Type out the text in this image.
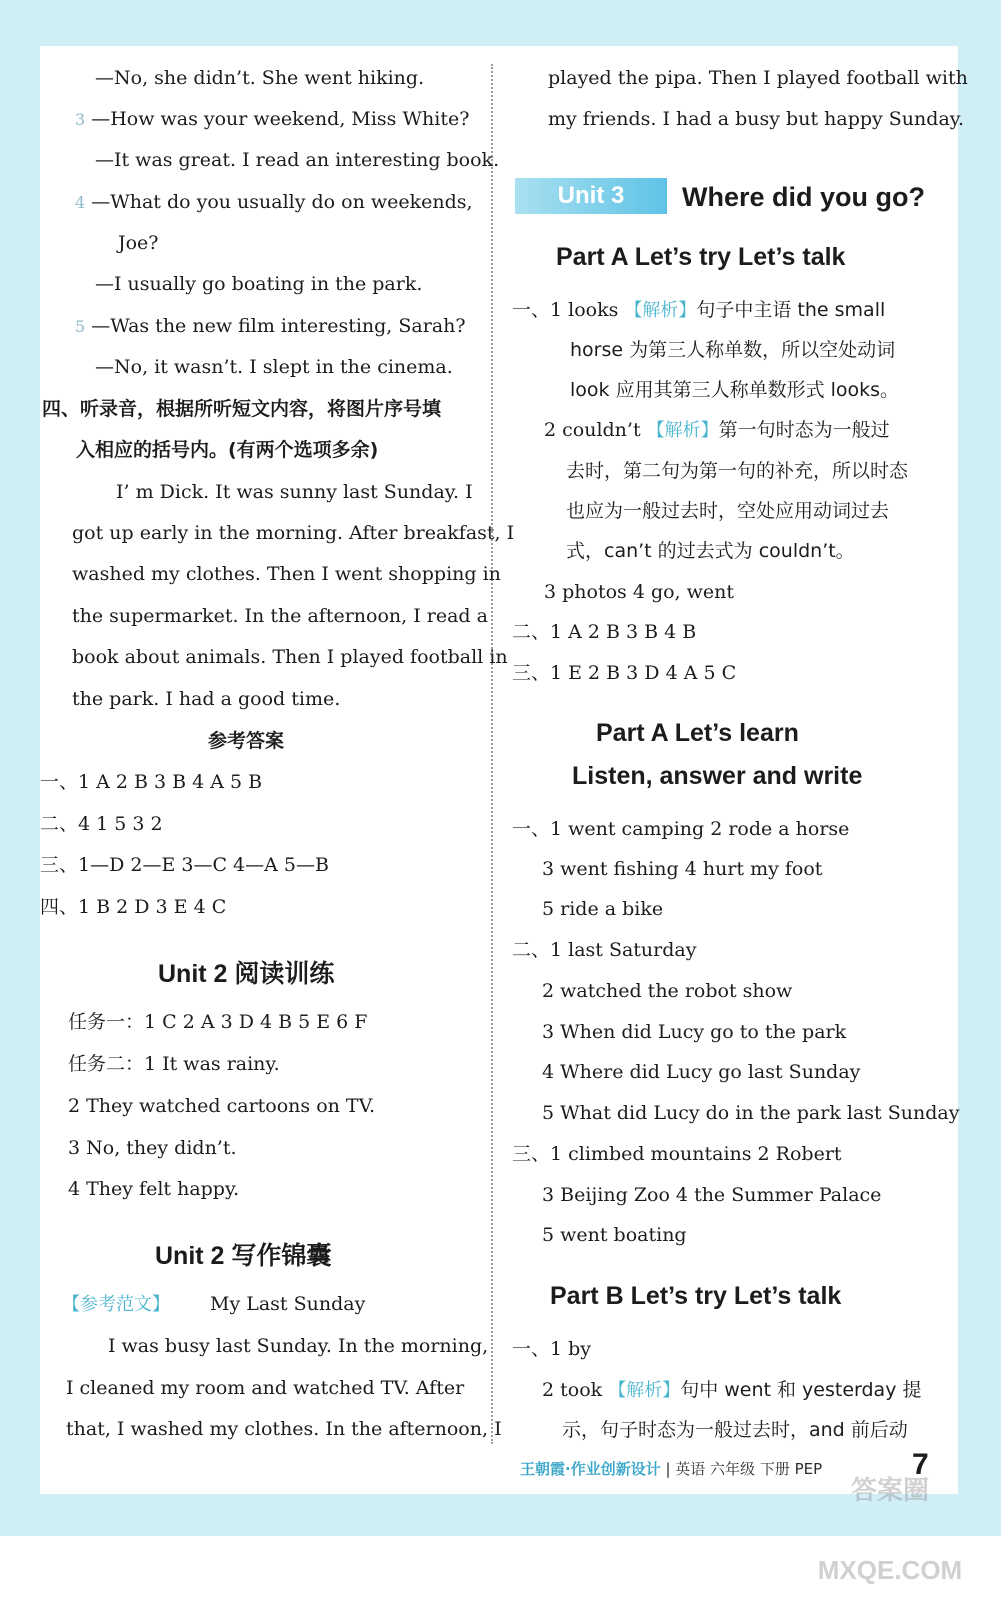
—No, she didn’t. She went hiking.
3 —How was your weekend, Miss White?
—It was great. I read an interesting book.
4 —What do you usually do on weekends,
Joe?
—I usually go boating in the park.
5 —Was the new film interesting, Sarah?
—No, it wasn’t. I slept in the cinema.
四、听录音，根据所听短文内容，将图片序号填
入相应的括号内。(有两个选项多余)
I’ m Dick. It was sunny last Sunday. I
got up early in the morning. After breakfast, I
washed my clothes. Then I went shopping in
the supermarket. In the afternoon, I read a
book about animals. Then I played football in
the park. I had a good time.
参考答案
一、1 A 2 B 3 B 4 A 5 B
二、4 1 5 3 2
三、1—D 2—E 3—C 4—A 5—B
四、1 B 2 D 3 E 4 C
Unit 2 阅读训练
任务一：1 C 2 A 3 D 4 B 5 E 6 F
任务二：1 It was rainy.
2 They watched cartoons on TV.
3 No, they didn’t.
4 They felt happy.
Unit 2 写作锦囊
【参考范文】 My Last Sunday
I was busy last Sunday. In the morning,
I cleaned my room and watched TV. After
that, I washed my clothes. In the afternoon, I
played the pipa. Then I played football with
my friends. I had a busy but happy Sunday.
Where did you go?
Part A Let’s try Let’s talk
一、1 looks 【解析】句子中主语 the small
horse 为第三人称单数，所以空处动词
look 应用其第三人称单数形式 looks。
2 couldn’t 【解析】第一句时态为一般过
去时，第二句为第一句的补充，所以时态
也应为一般过去时，空处应用动词过去
式，can’t 的过去式为 couldn’t。
3 photos 4 go, went
二、1 A 2 B 3 B 4 B
三、1 E 2 B 3 D 4 A 5 C
Part A Let’s learn
Listen, answer and write
一、1 went camping 2 rode a horse
3 went fishing 4 hurt my foot
5 ride a bike
二、1 last Saturday
2 watched the robot show
3 When did Lucy go to the park
4 Where did Lucy go last Sunday
5 What did Lucy do in the park last Sunday
三、1 climbed mountains 2 Robert
3 Beijing Zoo 4 the Summer Palace
5 went boating
Part B Let’s try Let’s talk
一、1 by
2 took 【解析】句中 went 和 yesterday 提
示，句子时态为一般过去时，and 前后动
Unit 3
答案圈 MXQE.COM
王朝霞·作业创新设计 | 英语 六年级 下册 PEP	7
